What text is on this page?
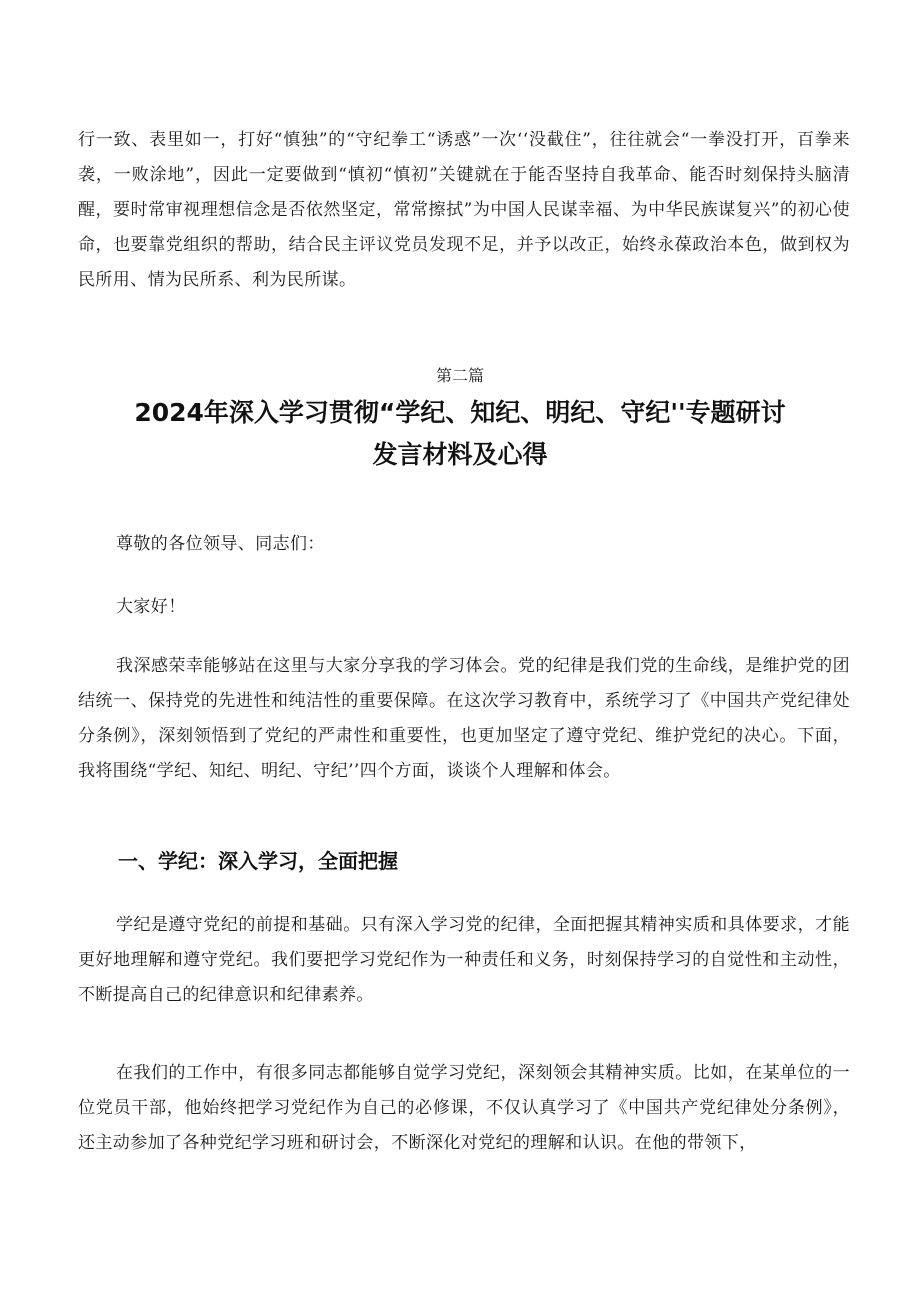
行一致、表里如一，打好“慎独”的“守纪拳工“诱惑”一次‘‘没截住”，往往就会“一拳没打开，百拳来袭，一败涂地”，因此一定要做到“慎初“慎初”关键就在于能否坚持自我革命、能否时刻保持头脑清醒，要时常审视理想信念是否依然坚定，常常擦拭”为中国人民谋幸福、为中华民族谋复兴”的初心使命，也要靠党组织的帮助，结合民主评议党员发现不足，并予以改正，始终永葆政治本色，做到权为民所用、情为民所系、利为民所谋。

第二篇

2024年深入学习贯彻“学纪、知纪、明纪、守纪''专题研讨
发言材料及心得

尊敬的各位领导、同志们：

大家好！

我深感荣幸能够站在这里与大家分享我的学习体会。党的纪律是我们党的生命线，是维护党的团结统一、保持党的先进性和纯洁性的重要保障。在这次学习教育中，系统学习了《中国共产党纪律处分条例》，深刻领悟到了党纪的严肃性和重要性，也更加坚定了遵守党纪、维护党纪的决心。下面，我将围绕“学纪、知纪、明纪、守纪’’四个方面，谈谈个人理解和体会。

一、学纪：深入学习，全面把握

学纪是遵守党纪的前提和基础。只有深入学习党的纪律，全面把握其精神实质和具体要求，才能更好地理解和遵守党纪。我们要把学习党纪作为一种责任和义务，时刻保持学习的自觉性和主动性，不断提高自己的纪律意识和纪律素养。

在我们的工作中，有很多同志都能够自觉学习党纪，深刻领会其精神实质。比如，在某单位的一位党员干部，他始终把学习党纪作为自己的必修课，不仅认真学习了《中国共产党纪律处分条例》，还主动参加了各种党纪学习班和研讨会，不断深化对党纪的理解和认识。在他的带领下，
